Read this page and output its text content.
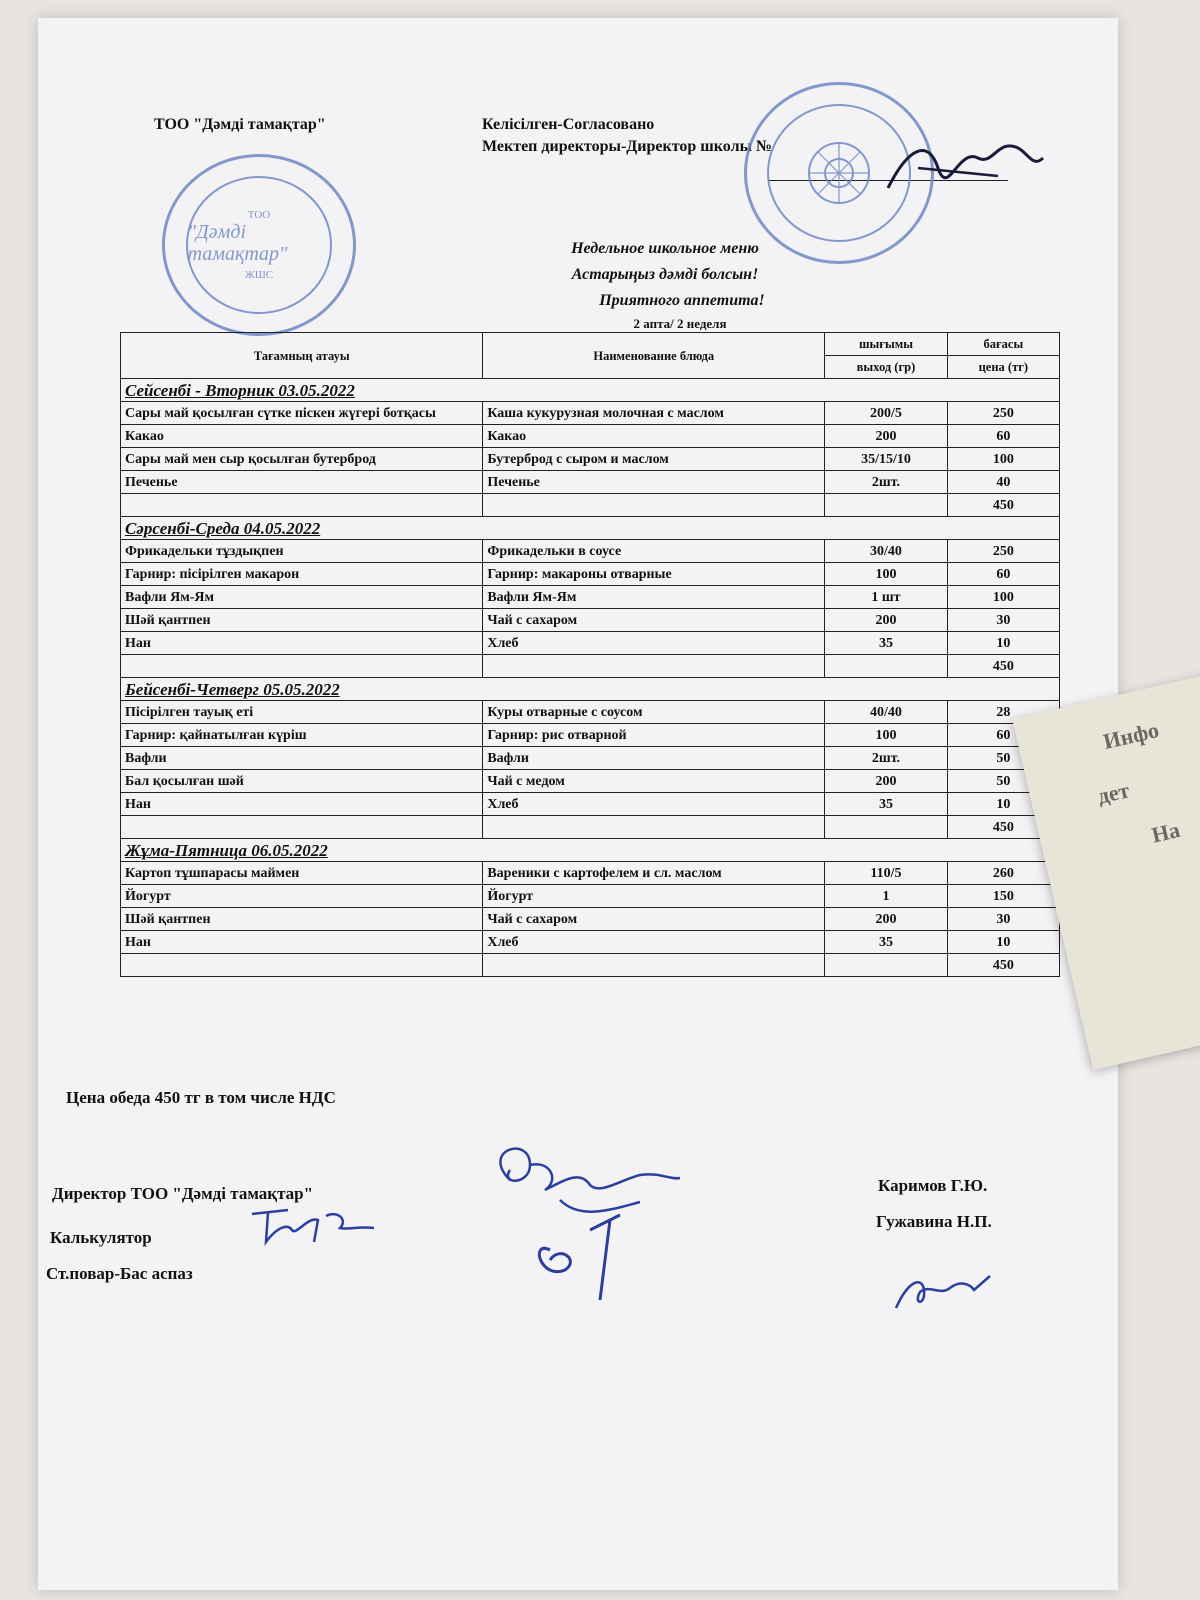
ТОО "Дәмді тамақтар"	Келісілген-Согласовано
Мектеп директоры-Директор школы №
ТОО
"Дәмді тамақтар"
ЖШС
Недельное школьное меню
Астарыңыз дәмді болсын!
Приятного аппетита!
2 апта/ 2 неделя
Тағамның атауы	Наименование блюда	шығымы	бағасы
		выход (гр)	цена (тг)
Сейсенбі - Вторник 03.05.2022			
Сары май қосылған сүтке піскен жүгері ботқасы	Каша кукурузная молочная с маслом	200/5	250
Какао	Какао	200	60
Сары май мен сыр қосылған бутерброд	Бутерброд с сыром и маслом	35/15/10	100
Печенье	Печенье	2шт.	40
			450
Сәрсенбі-Среда 04.05.2022			
Фрикадельки тұздықпен	Фрикадельки в соусе	30/40	250
Гарнир: пісірілген макарон	Гарнир: макароны отварные	100	60
Вафли Ям-Ям	Вафли Ям-Ям	1 шт	100
Шәй қантпен	Чай с сахаром	200	30
Нан	Хлеб	35	10
			450
Бейсенбі-Четверг 05.05.2022			
Пісірілген тауық еті	Куры отварные с соусом	40/40	28
Гарнир: қайнатылған күріш	Гарнир: рис отварной	100	60
Вафли	Вафли	2шт.	50
Бал қосылған шәй	Чай с медом	200	50
Нан	Хлеб	35	10
			450
Жұма-Пятница 06.05.2022			
Картоп тұшпарасы маймен	Вареники с картофелем и сл. маслом	110/5	260
Йогурт	Йогурт	1	150
Шәй қантпен	Чай с сахаром	200	30
Нан	Хлеб	35	10
			450
Цена обеда 450 тг в том числе НДС
Директор ТОО "Дәмді тамақтар"
Калькулятор
Ст.повар-Бас аспаз
Каримов Г.Ю.
Гужавина Н.П.
Инфо
дет
На
